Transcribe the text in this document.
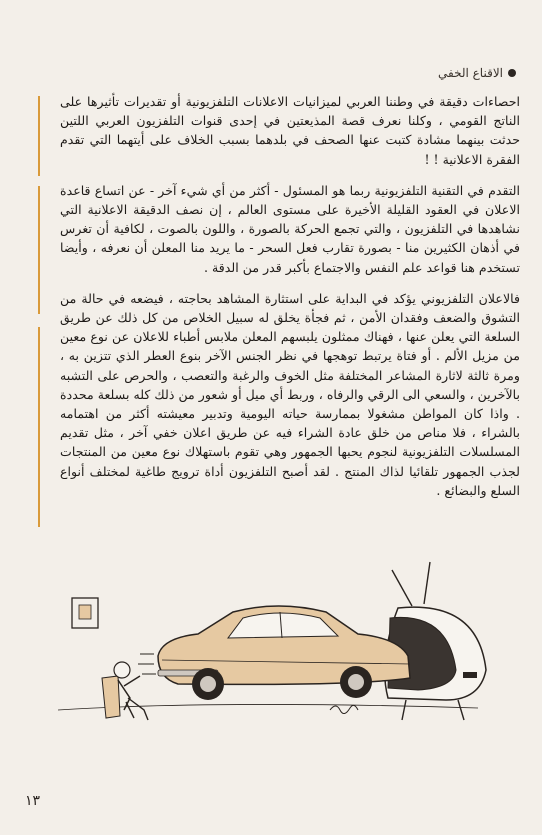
الاقناع الخفي

احصاءات دقيقة في وطننا العربي لميزانيات الاعلانات التلفزيونية أو تقديرات تأثيرها على الناتج القومي ، وكلنا نعرف قصة المذيعتين في إحدى قنوات التلفزيون العربي اللتين حدثت بينهما مشادة كتبت عنها الصحف في بلدهما بسبب الخلاف على أيتهما التي تقدم الفقرة الاعلانية ! !

التقدم في التقنية التلفزيونية ربما هو المسئول - أكثر من أي شيء آخر - عن اتساع قاعدة الاعلان في العقود القليلة الأخيرة على مستوى العالم ، إن نصف الدقيقة الاعلانية التي نشاهدها في التلفزيون ، والتي تجمع الحركة بالصورة ، واللون بالصوت ، لكافية أن تغرس في أذهان الكثيرين منا - بصورة تقارب فعل السحر - ما يريد منا المعلن أن نعرفه ، وأيضا تستخدم هنا قواعد علم النفس والاجتماع بأكبر قدر من الدقة .

فالاعلان التلفزيوني يؤكد في البداية على استثارة المشاهد بحاجته ، فيضعه في حالة من التشوق والضعف وفقدان الأمن ، ثم فجأة يخلق له سبيل الخلاص من كل ذلك عن طريق السلعة التي يعلن عنها ، فهناك ممثلون يلبسهم المعلن ملابس أطباء للاعلان عن نوع معين من مزيل الألم . أو فتاة يرتبط توهجها في نظر الجنس الآخر بنوع العطر الذي تتزين به ، ومرة ثالثة لاثارة المشاعر المختلفة مثل الخوف والرغبة والتعصب ، والحرص على التشبه بالآخرين ، والسعي الى الرقي والرفاه ، وربط أي ميل أو شعور من ذلك كله بسلعة محددة . واذا كان المواطن مشغولا بممارسة حياته اليومية وتدبير معيشته أكثر من اهتمامه بالشراء ، فلا مناص من خلق عادة الشراء فيه عن طريق اعلان خفي آخر ، مثل تقديم المسلسلات التلفزيونية لنجوم يحبها الجمهور وهي تقوم باستهلاك نوع معين من المنتجات لجذب الجمهور تلقائيا لذاك المنتج . لقد أصبح التلفزيون أداة ترويج طاغية لمختلف أنواع السلع والبضائع .

١٣
